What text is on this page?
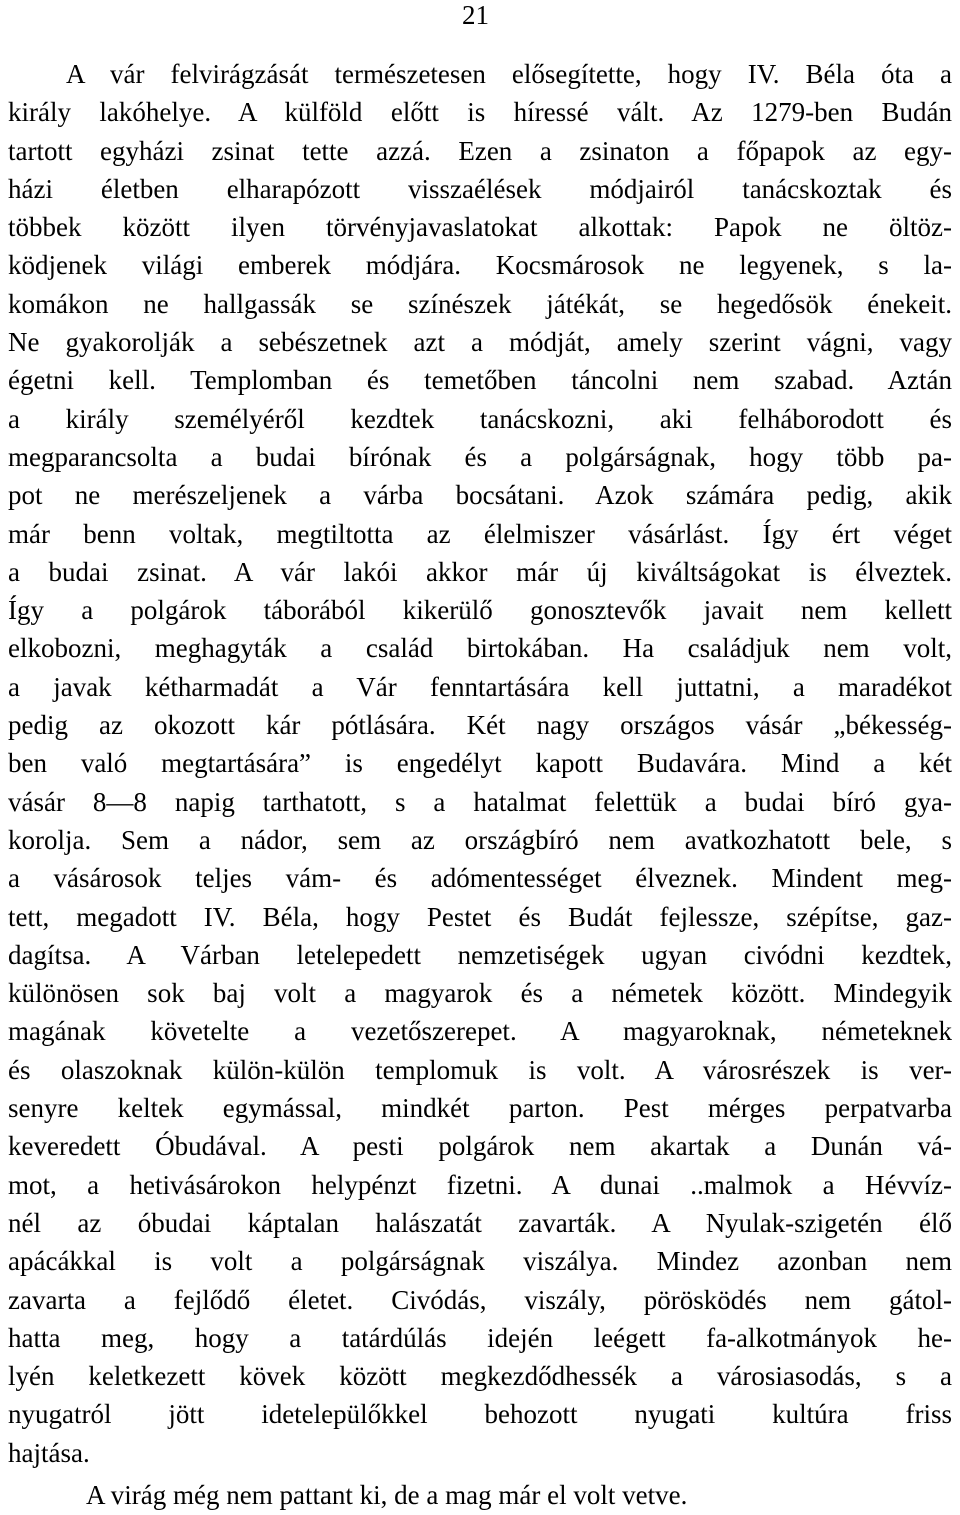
21
A vár felvirágzását természetesen elősegítette, hogy IV. Béla óta a
király lakóhelye. A külföld előtt is híressé vált. Az 1279-ben Budán
tartott egyházi zsinat tette azzá. Ezen a zsinaton a főpapok az egy-
házi életben elharapózott visszaélések módjairól tanácskoztak és
többek között ilyen törvényjavaslatokat alkottak: Papok ne öltöz-
ködjenek világi emberek módjára. Kocsmárosok ne legyenek, s la-
komákon ne hallgassák se színészek játékát, se hegedősök énekeit.
Ne gyakorolják a sebészetnek azt a módját, amely szerint vágni, vagy
égetni kell. Templomban és temetőben táncolni nem szabad. Aztán
a király személyéről kezdtek tanácskozni, aki felháborodott és
megparancsolta a budai bírónak és a polgárságnak, hogy több pa-
pot ne merészeljenek a várba bocsátani. Azok számára pedig, akik
már benn voltak, megtiltotta az élelmiszer vásárlást. Így ért véget
a budai zsinat. A vár lakói akkor már új kiváltságokat is élveztek.
Így a polgárok táborából kikerülő gonosztevők javait nem kellett
elkobozni, meghagyták a család birtokában. Ha családjuk nem volt,
a javak kétharmadát a Vár fenntartására kell juttatni, a maradékot
pedig az okozott kár pótlására. Két nagy országos vásár „békesség-
ben való megtartására” is engedélyt kapott Budavára. Mind a két
vásár 8—8 napig tarthatott, s a hatalmat felettük a budai bíró gya-
korolja. Sem a nádor, sem az országbíró nem avatkozhatott bele, s
a vásárosok teljes vám- és adómentességet élveznek. Mindent meg-
tett, megadott IV. Béla, hogy Pestet és Budát fejlessze, szépítse, gaz-
dagítsa. A Várban letelepedett nemzetiségek ugyan civódni kezdtek,
különösen sok baj volt a magyarok és a németek között. Mindegyik
magának követelte a vezetőszerepet. A magyaroknak, németeknek
és olaszoknak külön-külön templomuk is volt. A városrészek is ver-
senyre keltek egymással, mindkét parton. Pest mérges perpatvarba
keveredett Óbudával. A pesti polgárok nem akartak a Dunán vá-
mot, a hetivásárokon helypénzt fizetni. A dunai ..malmok a Hévvíz-
nél az óbudai káptalan halászatát zavarták. A Nyulak-szigetén élő
apácákkal is volt a polgárságnak viszálya. Mindez azonban nem
zavarta a fejlődő életet. Civódás, viszály, pörösködés nem gátol-
hatta meg, hogy a tatárdúlás idején leégett fa-alkotmányok he-
lyén keletkezett kövek között megkezdődhessék a városiasodás, s a
nyugatról jött idetelepülőkkel behozott nyugati kultúra friss
hajtása.
A virág még nem pattant ki, de a mag már el volt vetve.
